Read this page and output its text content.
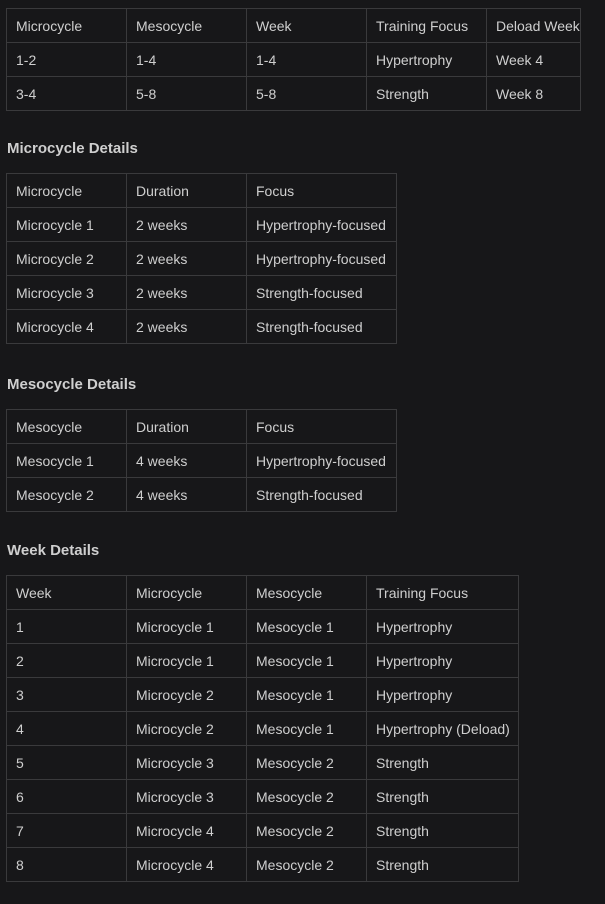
Microcycle	Mesocycle	Week	Training Focus	Deload Week
1-2	1-4	1-4	Hypertrophy	Week 4
3-4	5-8	5-8	Strength	Week 8
Microcycle Details
Microcycle	Duration	Focus
Microcycle 1	2 weeks	Hypertrophy-focused
Microcycle 2	2 weeks	Hypertrophy-focused
Microcycle 3	2 weeks	Strength-focused
Microcycle 4	2 weeks	Strength-focused
Mesocycle Details
Mesocycle	Duration	Focus
Mesocycle 1	4 weeks	Hypertrophy-focused
Mesocycle 2	4 weeks	Strength-focused
Week Details
Week	Microcycle	Mesocycle	Training Focus
1	Microcycle 1	Mesocycle 1	Hypertrophy
2	Microcycle 1	Mesocycle 1	Hypertrophy
3	Microcycle 2	Mesocycle 1	Hypertrophy
4	Microcycle 2	Mesocycle 1	Hypertrophy (Deload)
5	Microcycle 3	Mesocycle 2	Strength
6	Microcycle 3	Mesocycle 2	Strength
7	Microcycle 4	Mesocycle 2	Strength
8	Microcycle 4	Mesocycle 2	Strength
